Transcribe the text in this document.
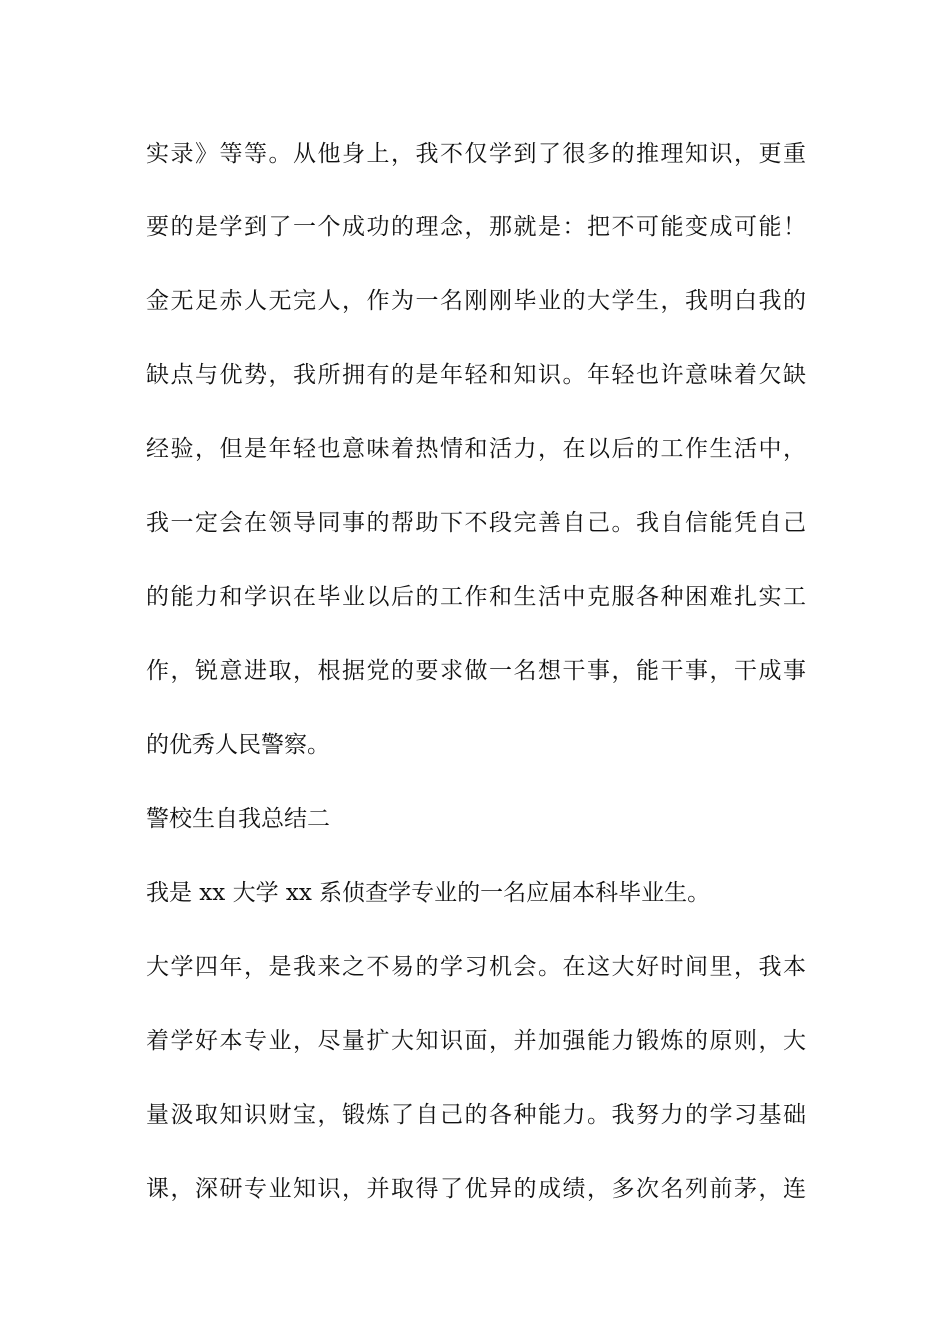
实录》等等。从他身上，我不仅学到了很多的推理知识，更重
要的是学到了一个成功的理念，那就是：把不可能变成可能！
金无足赤人无完人，作为一名刚刚毕业的大学生，我明白我的
缺点与优势，我所拥有的是年轻和知识。年轻也许意味着欠缺
经验，但是年轻也意味着热情和活力，在以后的工作生活中，
我一定会在领导同事的帮助下不段完善自己。我自信能凭自己
的能力和学识在毕业以后的工作和生活中克服各种困难扎实工
作，锐意进取，根据党的要求做一名想干事，能干事，干成事
的优秀人民警察。
警校生自我总结二
我是 xx 大学 xx 系侦查学专业的一名应届本科毕业生。
大学四年，是我来之不易的学习机会。在这大好时间里，我本
着学好本专业，尽量扩大知识面，并加强能力锻炼的原则，大
量汲取知识财宝，锻炼了自己的各种能力。我努力的学习基础
课，深研专业知识，并取得了优异的成绩，多次名列前茅，连
